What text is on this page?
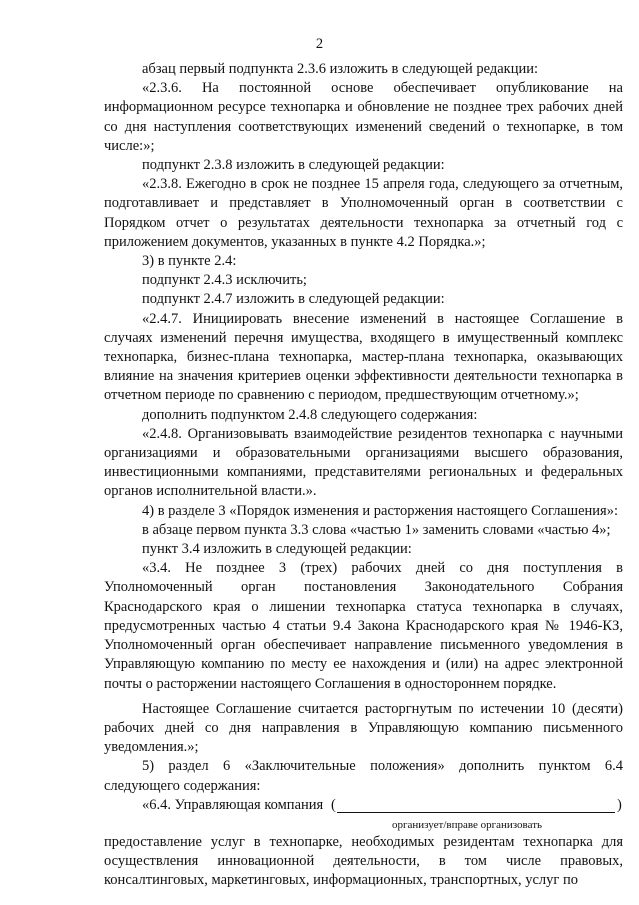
2

абзац первый подпункта 2.3.6 изложить в следующей редакции:

«2.3.6. На постоянной основе обеспечивает опубликование на информационном ресурсе технопарка и обновление не позднее трех рабочих дней со дня наступления соответствующих изменений сведений о технопарке, в том числе:»;

подпункт 2.3.8 изложить в следующей редакции:

«2.3.8. Ежегодно в срок не позднее 15 апреля года, следующего за отчетным, подготавливает и представляет в Уполномоченный орган в соответствии с Порядком отчет о результатах деятельности технопарка за отчетный год с приложением документов, указанных в пункте 4.2 Порядка.»;

3) в пункте 2.4:

подпункт 2.4.3 исключить;

подпункт 2.4.7 изложить в следующей редакции:

«2.4.7. Инициировать внесение изменений в настоящее Соглашение в случаях изменений перечня имущества, входящего в имущественный комплекс технопарка, бизнес-плана технопарка, мастер-плана технопарка, оказывающих влияние на значения критериев оценки эффективности деятельности технопарка в отчетном периоде по сравнению с периодом, предшествующим отчетному.»;

дополнить подпунктом 2.4.8 следующего содержания:

«2.4.8. Организовывать взаимодействие резидентов технопарка с научными организациями и образовательными организациями высшего образования, инвестиционными компаниями, представителями региональных и федеральных органов исполнительной власти.».

4) в разделе 3 «Порядок изменения и расторжения настоящего Соглашения»:

в абзаце первом пункта 3.3 слова «частью 1» заменить словами «частью 4»;

пункт 3.4 изложить в следующей редакции:

«3.4. Не позднее 3 (трех) рабочих дней со дня поступления в Уполномоченный орган постановления Законодательного Собрания Краснодарского края о лишении технопарка статуса технопарка в случаях, предусмотренных частью 4 статьи 9.4 Закона Краснодарского края № 1946-КЗ, Уполномоченный орган обеспечивает направление письменного уведомления в Управляющую компанию по месту ее нахождения и (или) на адрес электронной почты о расторжении настоящего Соглашения в одностороннем порядке.

Настоящее Соглашение считается расторгнутым по истечении 10 (десяти) рабочих дней со дня направления в Управляющую компанию письменного уведомления.»;

5) раздел 6 «Заключительные положения» дополнить пунктом 6.4 следующего содержания:

«6.4. Управляющая компания (	)
организует/вправе организовать

предоставление услуг в технопарке, необходимых резидентам технопарка для осуществления инновационной деятельности, в том числе правовых, консалтинговых, маркетинговых, информационных, транспортных, услуг по
